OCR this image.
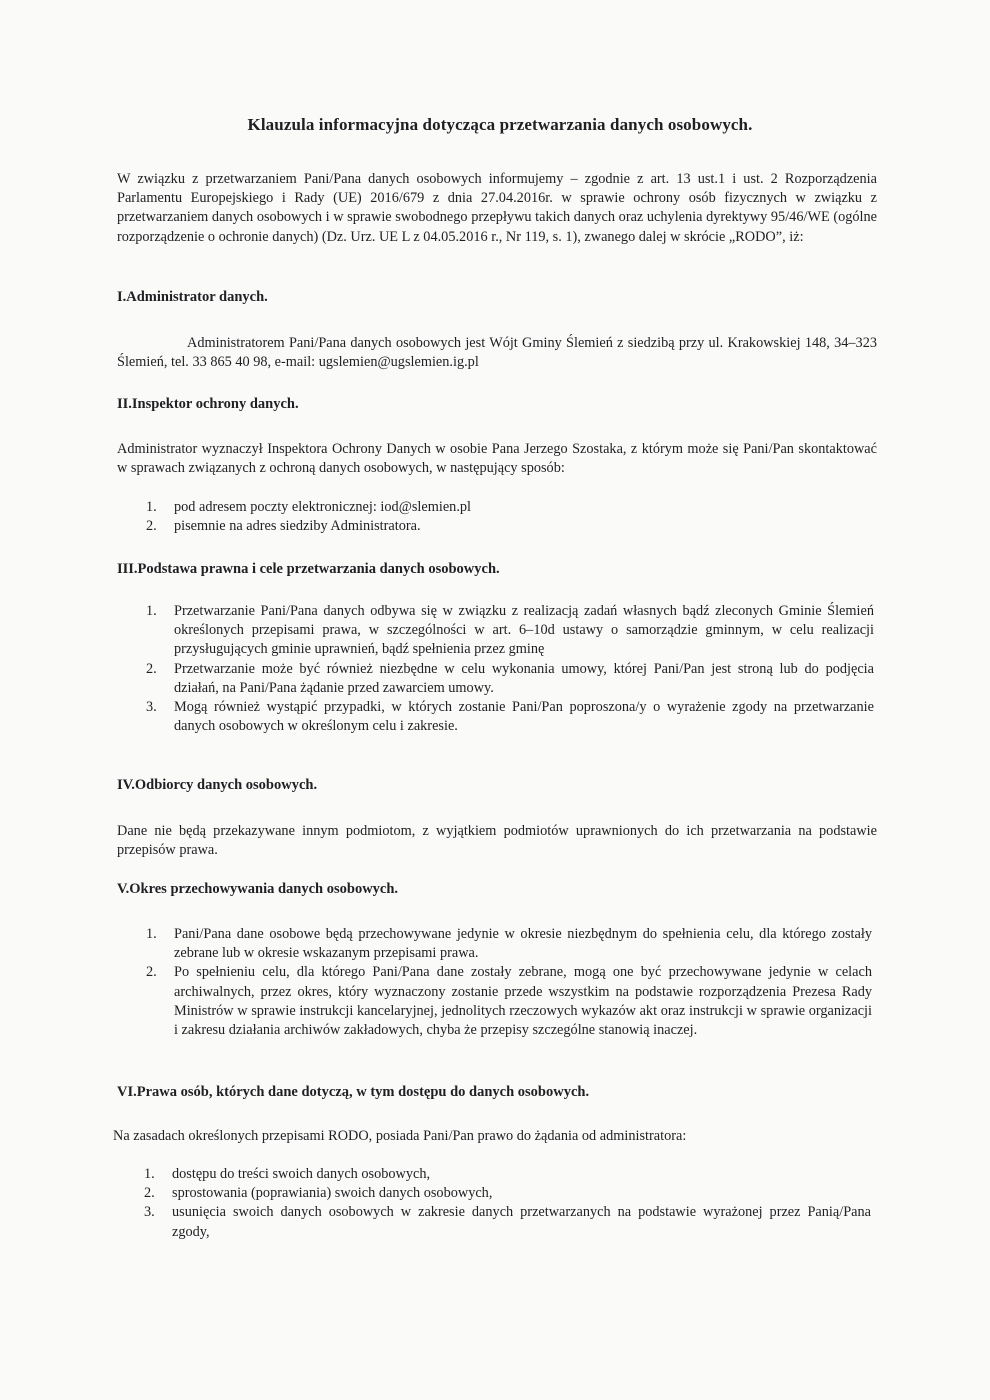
Klauzula informacyjna dotycząca przetwarzania danych osobowych.
W związku z przetwarzaniem Pani/Pana danych osobowych informujemy – zgodnie z art. 13 ust.1 i ust. 2 Rozporządzenia Parlamentu Europejskiego i Rady (UE) 2016/679 z dnia 27.04.2016r. w sprawie ochrony osób fizycznych w związku z przetwarzaniem danych osobowych i w sprawie swobodnego przepływu takich danych oraz uchylenia dyrektywy 95/46/WE (ogólne rozporządzenie o ochronie danych) (Dz. Urz. UE L z 04.05.2016 r., Nr 119, s. 1), zwanego dalej w skrócie „RODO”, iż:
I.Administrator danych.
Administratorem Pani/Pana danych osobowych jest Wójt Gminy Ślemień z siedzibą przy ul. Krakowskiej 148, 34–323 Ślemień, tel. 33 865 40 98, e-mail: ugslemien@ugslemien.ig.pl
II.Inspektor ochrony danych.
Administrator wyznaczył Inspektora Ochrony Danych w osobie Pana Jerzego Szostaka, z którym może się Pani/Pan skontaktować w sprawach związanych z ochroną danych osobowych, w następujący sposób:
1. pod adresem poczty elektronicznej: iod@slemien.pl
2. pisemnie na adres siedziby Administratora.
III.Podstawa prawna i cele przetwarzania danych osobowych.
1. Przetwarzanie Pani/Pana danych odbywa się w związku z realizacją zadań własnych bądź zleconych Gminie Ślemień określonych przepisami prawa, w szczególności w art. 6–10d ustawy o samorządzie gminnym, w celu realizacji przysługujących gminie uprawnień, bądź spełnienia przez gminę
2. Przetwarzanie może być również niezbędne w celu wykonania umowy, której Pani/Pan jest stroną lub do podjęcia działań, na Pani/Pana żądanie przed zawarciem umowy.
3. Mogą również wystąpić przypadki, w których zostanie Pani/Pan poproszona/y o wyrażenie zgody na przetwarzanie danych osobowych w określonym celu i zakresie.
IV.Odbiorcy danych osobowych.
Dane nie będą przekazywane innym podmiotom, z wyjątkiem podmiotów uprawnionych do ich przetwarzania na podstawie przepisów prawa.
V.Okres przechowywania danych osobowych.
1. Pani/Pana dane osobowe będą przechowywane jedynie w okresie niezbędnym do spełnienia celu, dla którego zostały zebrane lub w okresie wskazanym przepisami prawa.
2. Po spełnieniu celu, dla którego Pani/Pana dane zostały zebrane, mogą one być przechowywane jedynie w celach archiwalnych, przez okres, który wyznaczony zostanie przede wszystkim na podstawie rozporządzenia Prezesa Rady Ministrów w sprawie instrukcji kancelaryjnej, jednolitych rzeczowych wykazów akt oraz instrukcji w sprawie organizacji i zakresu działania archiwów zakładowych, chyba że przepisy szczególne stanowią inaczej.
VI.Prawa osób, których dane dotyczą, w tym dostępu do danych osobowych.
Na zasadach określonych przepisami RODO, posiada Pani/Pan prawo do żądania od administratora:
1. dostępu do treści swoich danych osobowych,
2. sprostowania (poprawiania) swoich danych osobowych,
3. usunięcia swoich danych osobowych w zakresie danych przetwarzanych na podstawie wyrażonej przez Panią/Pana zgody,
